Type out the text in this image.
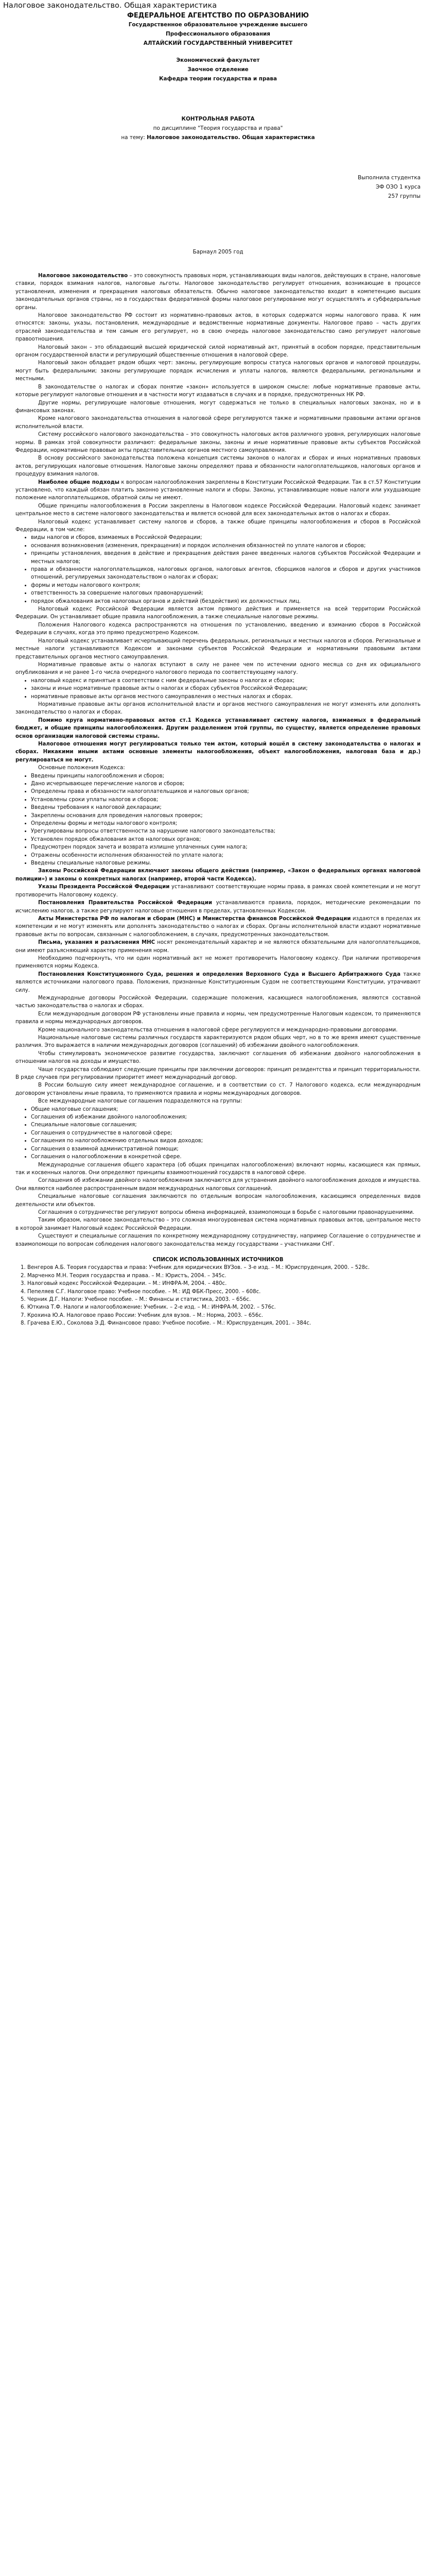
Налоговое законодательство. Общая характеристика
ФЕДЕРАЛЬНОЕ АГЕНТСТВО ПО ОБРАЗОВАНИЮ
Государственное образовательное учреждение высшего
Профессионального образования
АЛТАЙСКИЙ ГОСУДАРСТВЕННЫЙ УНИВЕРСИТЕТ
Экономический факультет
Заочное отделение
Кафедра теории государства и права
КОНТРОЛЬНАЯ РАБОТА
по дисциплине "Теория государства и права"
на тему: Налоговое законодательство. Общая характеристика
Выполнила студентка
ЭФ ОЗО 1 курса
257 группы
Барнаул 2005 год

Налоговое законодательство – это совокупность правовых норм, устанавливающих виды налогов, действующих в стране, налоговые ставки, порядок взимания налогов, налоговые льготы. Налоговое законодательство регулирует отношения, возникающие в процессе установления, изменения и прекращения налоговых обязательств. Обычно налоговое законодательство входит в компетенцию высших законодательных органов страны, но в государствах федеративной формы налоговое регулирование могут осуществлять и субфедеральные органы.

Налоговое законодательство РФ состоит из нормативно-правовых актов, в которых содержатся нормы налогового права. К ним относятся: законы, указы, постановления, международные и ведомственные нормативные документы. Налоговое право – часть других отраслей законодательства и тем самым его регулирует, но в свою очередь налоговое законодательство само регулирует налоговые правоотношения.

Налоговый закон – это обладающий высшей юридической силой нормативный акт, принятый в особом порядке, представительным органом государственной власти и регулирующий общественные отношения в налоговой сфере.

Налоговый закон обладает рядом общих черт: законы, регулирующие вопросы статуса налоговых органов и налоговой процедуры, могут быть федеральными; законы регулирующие порядок исчисления и уплаты налогов, являются федеральными, региональными и местными.

В законодательстве о налогах и сборах понятие «закон» используется в широком смысле: любые нормативные правовые акты, которые регулируют налоговые отношения и в частности могут издаваться в случаях и в порядке, предусмотренных НК РФ.

Другие нормы, регулирующие налоговые отношения, могут содержаться не только в специальных налоговых законах, но и в финансовых законах.

Кроме налогового законодательства отношения в налоговой сфере регулируются также и нормативными правовыми актами органов исполнительной власти.

Систему российского налогового законодательства – это совокупность налоговых актов различного уровня, регулирующих налоговые нормы. В рамках этой совокупности различают: федеральные законы, законы и иные нормативные правовые акты субъектов Российской Федерации, нормативные правовые акты представительных органов местного самоуправления.

В основу российского законодательства положена концепция системы законов о налогах и сборах и иных нормативных правовых актов, регулирующих налоговые отношения. Налоговые законы определяют права и обязанности налогоплательщиков, налоговых органов и процедуру взимания налогов.

Наиболее общие подходы к вопросам налогообложения закреплены в Конституции Российской Федерации. Так в ст.57 Конституции установлено, что каждый обязан платить законно установленные налоги и сборы. Законы, устанавливающие новые налоги или ухудшающие положение налогоплательщиков, обратной силы не имеют.

Общие принципы налогообложения в России закреплены в Налоговом кодексе Российской Федерации. Налоговый кодекс занимает центральное место в системе налогового законодательства и является основой для всех законодательных актов о налогах и сборах.

Налоговый кодекс устанавливает систему налогов и сборов, а также общие принципы налогообложения и сборов в Российской Федерации, в том числе:

• виды налогов и сборов, взимаемых в Российской Федерации;
• основания возникновения (изменения, прекращения) и порядок исполнения обязанностей по уплате налогов и сборов;
• принципы установления, введения в действие и прекращения действия ранее введенных налогов субъектов Российской Федерации и местных налогов;
• права и обязанности налогоплательщиков, налоговых органов, налоговых агентов, сборщиков налогов и сборов и других участников отношений, регулируемых законодательством о налогах и сборах;
• формы и методы налогового контроля;
• ответственность за совершение налоговых правонарушений;
• порядок обжалования актов налоговых органов и действий (бездействия) их должностных лиц.

Налоговый кодекс Российской Федерации является актом прямого действия и применяется на всей территории Российской Федерации. Он устанавливает общие правила налогообложения, а также специальные налоговые режимы.

Положения Налогового кодекса распространяются на отношения по установлению, введению и взиманию сборов в Российской Федерации в случаях, когда это прямо предусмотрено Кодексом.

Налоговый кодекс устанавливает исчерпывающий перечень федеральных, региональных и местных налогов и сборов. Региональные и местные налоги устанавливаются Кодексом и законами субъектов Российской Федерации и нормативными правовыми актами представительных органов местного самоуправления.

Нормативные правовые акты о налогах вступают в силу не ранее чем по истечении одного месяца со дня их официального опубликования и не ранее 1-го числа очередного налогового периода по соответствующему налогу.

• налоговый кодекс и принятые в соответствии с ним федеральные законы о налогах и сборах;
• законы и иные нормативные правовые акты о налогах и сборах субъектов Российской Федерации;
• нормативные правовые акты органов местного самоуправления о местных налогах и сборах.

Нормативные правовые акты органов исполнительной власти и органов местного самоуправления не могут изменять или дополнять законодательство о налогах и сборах.

Помимо круга нормативно-правовых актов ст.1 Кодекса устанавливает систему налогов, взимаемых в федеральный бюджет, и общие принципы налогообложения. Другим разделением этой группы, по существу, является определение правовых основ организации налоговой системы страны.

Налоговое отношения могут регулироваться только тем актом, который вошёл в систему законодательства о налогах и сборах. Никакими иными актами основные элементы налогообложения, объект налогообложения, налоговая база и др.) регулироваться не могут.

Основные положения Кодекса:

• Введены принципы налогообложения и сборов;
• Дано исчерпывающее перечисление налогов и сборов;
• Определены права и обязанности налогоплательщиков и налоговых органов;
• Установлены сроки уплаты налогов и сборов;
• Введены требования к налоговой декларации;
• Закреплены основания для проведения налоговых проверок;
• Определены формы и методы налогового контроля;
• Урегулированы вопросы ответственности за нарушение налогового законодательства;
• Установлен порядок обжалования актов налоговых органов;
• Предусмотрен порядок зачета и возврата излишне уплаченных сумм налога;
• Отражены особенности исполнения обязанностей по уплате налога;
• Введены специальные налоговые режимы.

Законы Российской Федерации включают законы общего действия (например, «Закон о федеральных органах налоговой полиции») и законы о конкретных налогах (например, второй части Кодекса).

Указы Президента Российской Федерации устанавливают соответствующие нормы права, в рамках своей компетенции и не могут противоречить Налоговому кодексу.

Постановления Правительства Российской Федерации устанавливаются правила, порядок, методические рекомендации по исчислению налогов, а также регулируют налоговые отношения в пределах, установленных Кодексом.

Акты Министерства РФ по налогам и сборам (МНС) и Министерства финансов Российской Федерации издаются в пределах их компетенции и не могут изменять или дополнять законодательство о налогах и сборах. Органы исполнительной власти издают нормативные правовые акты по вопросам, связанным с налогообложением, в случаях, предусмотренных законодательством.

Письма, указания и разъяснения МНС носят рекомендательный характер и не являются обязательными для налогоплательщиков, они имеют разъясняющий характер применения норм.

Необходимо подчеркнуть, что ни один нормативный акт не может противоречить Налоговому кодексу. При наличии противоречия применяются нормы Кодекса.

Постановления Конституционного Суда, решения и определения Верховного Суда и Высшего Арбитражного Суда также являются источниками налогового права. Положения, признанные Конституционным Судом не соответствующими Конституции, утрачивают силу.

Международные договоры Российской Федерации, содержащие положения, касающиеся налогообложения, являются составной частью законодательства о налогах и сборах.

Если международным договором РФ установлены иные правила и нормы, чем предусмотренные Налоговым кодексом, то применяются правила и нормы международных договоров.

Кроме национального законодательства отношения в налоговой сфере регулируются и международно-правовыми договорами.

Национальные налоговые системы различных государств характеризуются рядом общих черт, но в то же время имеют существенные различия. Это выражается в наличии международных договоров (соглашений) об избежании двойного налогообложения.

Чтобы стимулировать экономическое развитие государства, заключают соглашения об избежании двойного налогообложения в отношении налогов на доходы и имущество.

Чаще государства соблюдают следующие принципы при заключении договоров: принцип резидентства и принцип территориальности. В ряде случаев при регулировании приоритет имеет международный договор.

В России большую силу имеет международное соглашение, и в соответствии со ст. 7 Налогового кодекса, если международным договором установлены иные правила, то применяются правила и нормы международных договоров.

Все международные налоговые соглашения подразделяются на группы:

• Общие налоговые соглашения;
• Соглашения об избежании двойного налогообложения;
• Специальные налоговые соглашения;
• Соглашения о сотрудничестве в налоговой сфере;
• Соглашения по налогообложению отдельных видов доходов;
• Соглашения о взаимной административной помощи;
• Соглашения о налогообложении в конкретной сфере.

Международные соглашения общего характера (об общих принципах налогообложения) включают нормы, касающиеся как прямых, так и косвенных налогов. Они определяют принципы взаимоотношений государств в налоговой сфере.

Соглашения об избежании двойного налогообложения заключаются для устранения двойного налогообложения доходов и имущества. Они являются наиболее распространенным видом международных налоговых соглашений.

Специальные налоговые соглашения заключаются по отдельным вопросам налогообложения, касающимся определенных видов деятельности или объектов.

Соглашения о сотрудничестве регулируют вопросы обмена информацией, взаимопомощи в борьбе с налоговыми правонарушениями.

Таким образом, налоговое законодательство – это сложная многоуровневая система нормативных правовых актов, центральное место в которой занимает Налоговый кодекс Российской Федерации.

Существуют и специальные соглашения по конкретному международному сотрудничеству, например Соглашение о сотрудничестве и взаимопомощи по вопросам соблюдения налогового законодательства между государствами – участниками СНГ.

СПИСОК ИСПОЛЬЗОВАННЫХ ИСТОЧНИКОВ
1. Венгеров А.Б. Теория государства и права: Учебник для юридических ВУЗов. – 3-е изд. – М.: Юриспруденция, 2000. – 528с.
2. Марченко М.Н. Теория государства и права. – М.: Юристъ, 2004. – 345с.
3. Налоговый кодекс Российской Федерации. – М.: ИНФРА-М, 2004. – 480с.
4. Пепеляев С.Г. Налоговое право: Учебное пособие. – М.: ИД ФБК-Пресс, 2000. – 608с.
5. Черник Д.Г. Налоги: Учебное пособие. – М.: Финансы и статистика, 2003. – 656с.
6. Юткина Т.Ф. Налоги и налогообложение: Учебник. – 2-е изд. – М.: ИНФРА-М, 2002. – 576с.
7. Крохина Ю.А. Налоговое право России: Учебник для вузов. – М.: Норма, 2003. – 656с.
8. Грачева Е.Ю., Соколова Э.Д. Финансовое право: Учебное пособие. – М.: Юриспруденция, 2001. – 384с.
